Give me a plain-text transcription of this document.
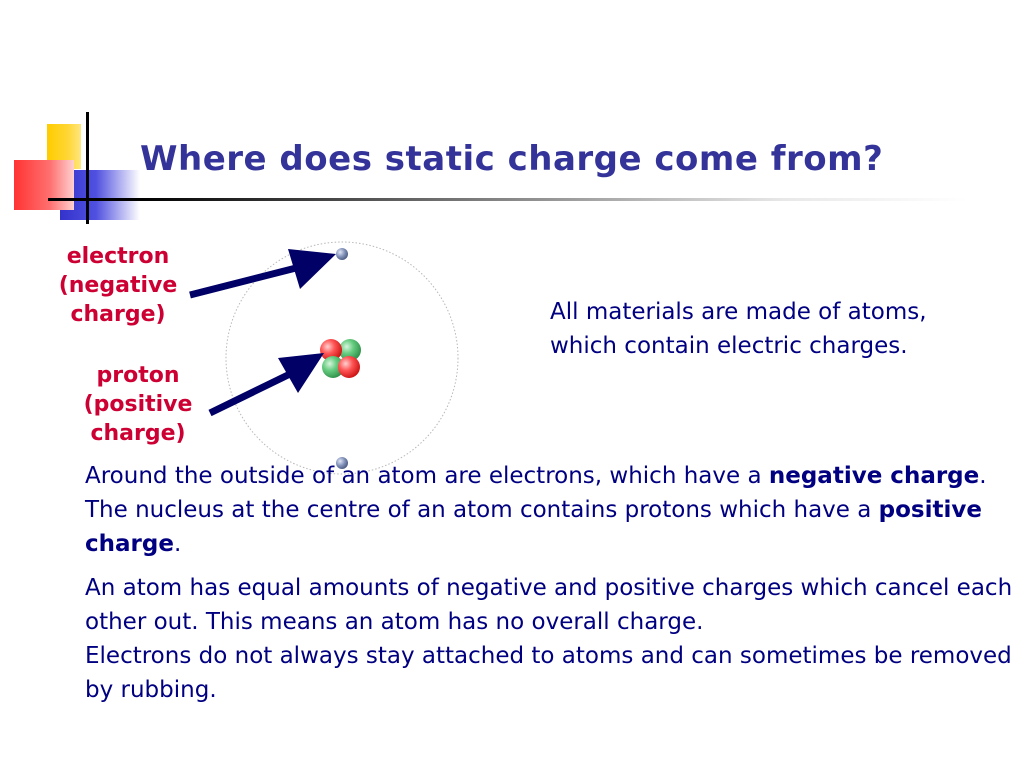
Where does static charge come from?
electron
(negative
charge)
proton
(positive
charge)
All materials are made of atoms, which contain electric charges.

Around the outside of an atom are electrons, which have a negative charge.

The nucleus at the centre of an atom contains protons which have a positive charge.

An atom has equal amounts of negative and positive charges which cancel each other out. This means an atom has no overall charge.

Electrons do not always stay attached to atoms and can sometimes be removed by rubbing.
